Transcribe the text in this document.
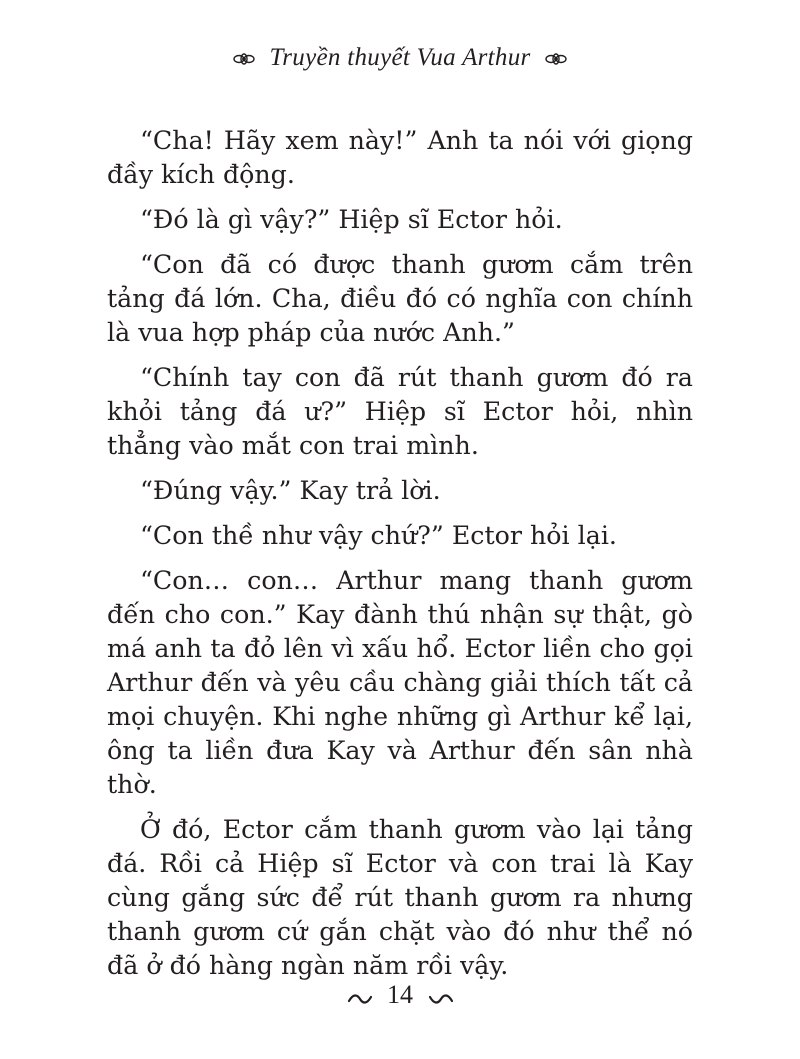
Truyền thuyết Vua Arthur

“Cha! Hãy xem này!” Anh ta nói với giọng đầy kích động.

“Đó là gì vậy?” Hiệp sĩ Ector hỏi.

“Con đã có được thanh gươm cắm trên tảng đá lớn. Cha, điều đó có nghĩa con chính là vua hợp pháp của nước Anh.”

“Chính tay con đã rút thanh gươm đó ra khỏi tảng đá ư?” Hiệp sĩ Ector hỏi, nhìn thẳng vào mắt con trai mình.

“Đúng vậy.” Kay trả lời.

“Con thề như vậy chứ?” Ector hỏi lại.

“Con… con… Arthur mang thanh gươm đến cho con.” Kay đành thú nhận sự thật, gò má anh ta đỏ lên vì xấu hổ. Ector liền cho gọi Arthur đến và yêu cầu chàng giải thích tất cả mọi chuyện. Khi nghe những gì Arthur kể lại, ông ta liền đưa Kay và Arthur đến sân nhà thờ.

Ở đó, Ector cắm thanh gươm vào lại tảng đá. Rồi cả Hiệp sĩ Ector và con trai là Kay cùng gắng sức để rút thanh gươm ra nhưng thanh gươm cứ gắn chặt vào đó như thể nó đã ở đó hàng ngàn năm rồi vậy.

14
